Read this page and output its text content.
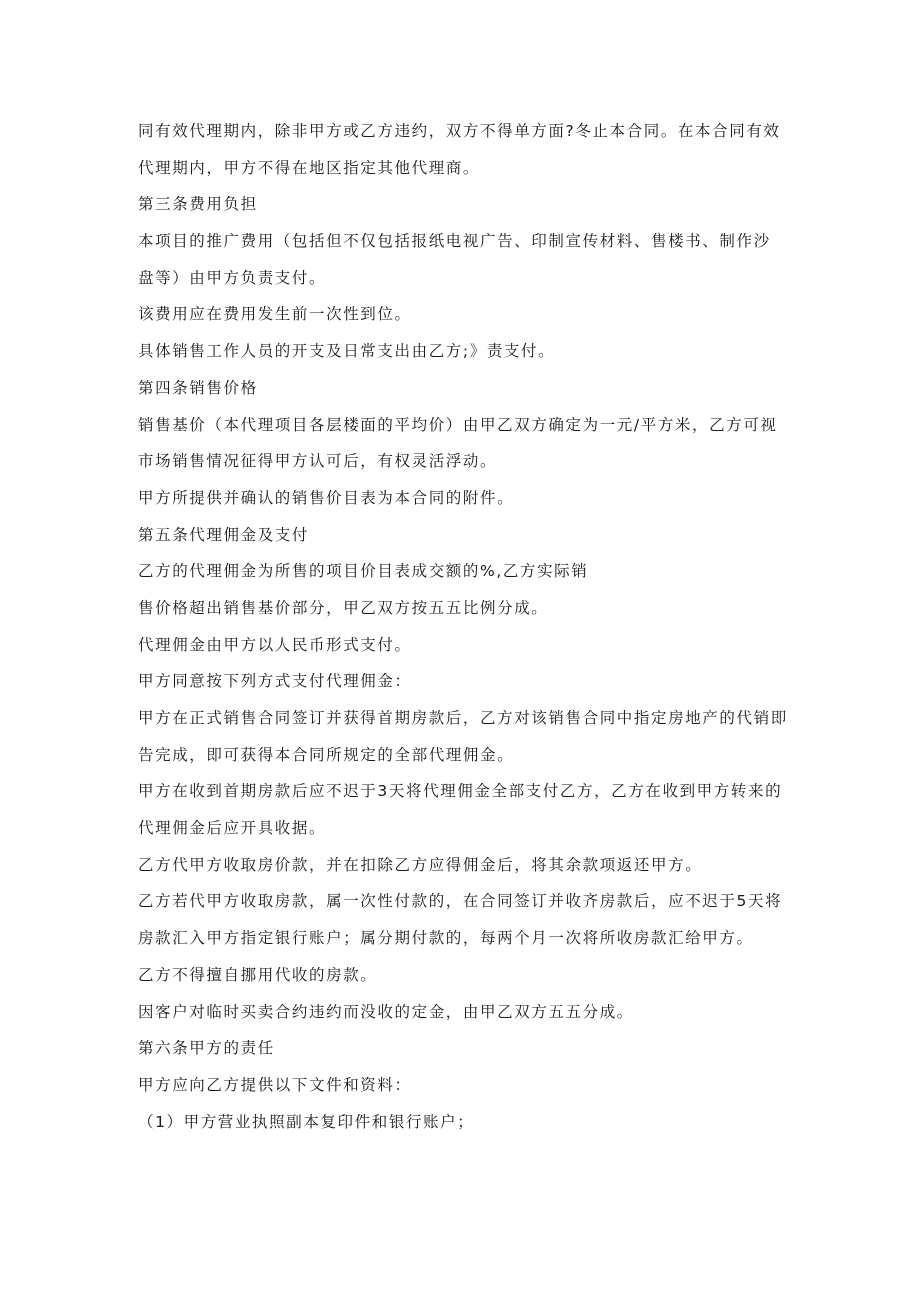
同有效代理期内，除非甲方或乙方违约，双方不得单方面?冬止本合同。在本合同有效
代理期内，甲方不得在地区指定其他代理商。
第三条费用负担
本项目的推广费用（包括但不仅包括报纸电视广告、印制宣传材料、售楼书、制作沙
盘等）由甲方负责支付。
该费用应在费用发生前一次性到位。
具体销售工作人员的开支及日常支出由乙方;》责支付。
第四条销售价格
销售基价（本代理项目各层楼面的平均价）由甲乙双方确定为一元/平方米，乙方可视
市场销售情况征得甲方认可后，有权灵活浮动。
甲方所提供并确认的销售价目表为本合同的附件。
第五条代理佣金及支付
乙方的代理佣金为所售的项目价目表成交额的%,乙方实际销
售价格超出销售基价部分，甲乙双方按五五比例分成。
代理佣金由甲方以人民币形式支付。
甲方同意按下列方式支付代理佣金：
甲方在正式销售合同签订并获得首期房款后，乙方对该销售合同中指定房地产的代销即
告完成，即可获得本合同所规定的全部代理佣金。
甲方在收到首期房款后应不迟于3天将代理佣金全部支付乙方，乙方在收到甲方转来的
代理佣金后应开具收据。
乙方代甲方收取房价款，并在扣除乙方应得佣金后，将其余款项返还甲方。
乙方若代甲方收取房款，属一次性付款的，在合同签订并收齐房款后，应不迟于5天将
房款汇入甲方指定银行账户；属分期付款的，每两个月一次将所收房款汇给甲方。
乙方不得擅自挪用代收的房款。
因客户对临时买卖合约违约而没收的定金，由甲乙双方五五分成。
第六条甲方的责任
甲方应向乙方提供以下文件和资料：
（1）甲方营业执照副本复印件和银行账户；
